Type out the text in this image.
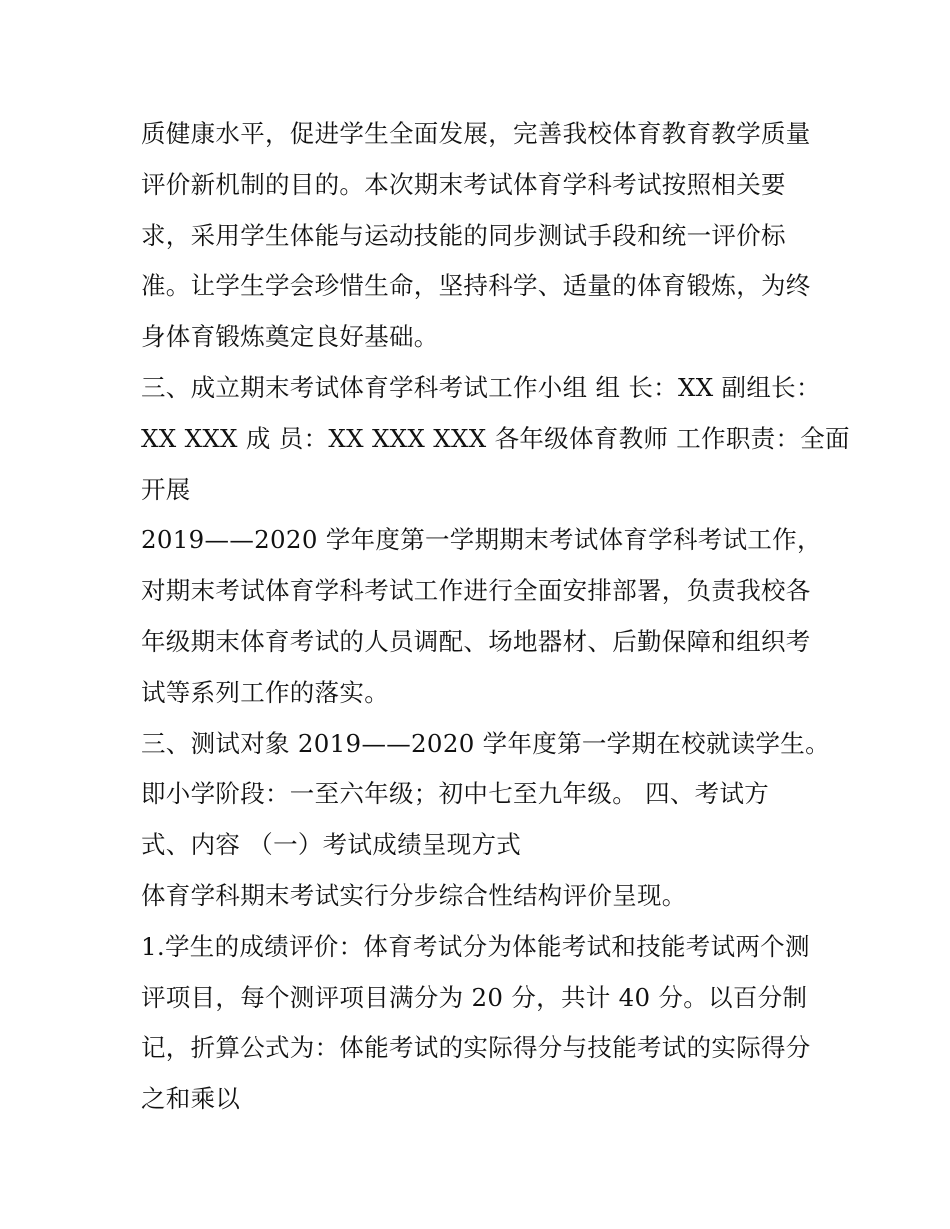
质健康水平，促进学生全面发展，完善我校体育教育教学质量
评价新机制的目的。本次期末考试体育学科考试按照相关要
求，采用学生体能与运动技能的同步测试手段和统一评价标
准。让学生学会珍惜生命，坚持科学、适量的体育锻炼，为终
身体育锻炼奠定良好基础。
三、成立期末考试体育学科考试工作小组 组 长：XX 副组长：
XX XXX 成 员：XX XXX XXX 各年级体育教师 工作职责：全面
开展
2019——2020 学年度第一学期期末考试体育学科考试工作，
对期末考试体育学科考试工作进行全面安排部署，负责我校各
年级期末体育考试的人员调配、场地器材、后勤保障和组织考
试等系列工作的落实。
三、测试对象 2019——2020 学年度第一学期在校就读学生。
即小学阶段：一至六年级；初中七至九年级。 四、考试方
式、内容 （一）考试成绩呈现方式
体育学科期末考试实行分步综合性结构评价呈现。
1.学生的成绩评价：体育考试分为体能考试和技能考试两个测
评项目，每个测评项目满分为 20 分，共计 40 分。以百分制
记，折算公式为：体能考试的实际得分与技能考试的实际得分
之和乘以
